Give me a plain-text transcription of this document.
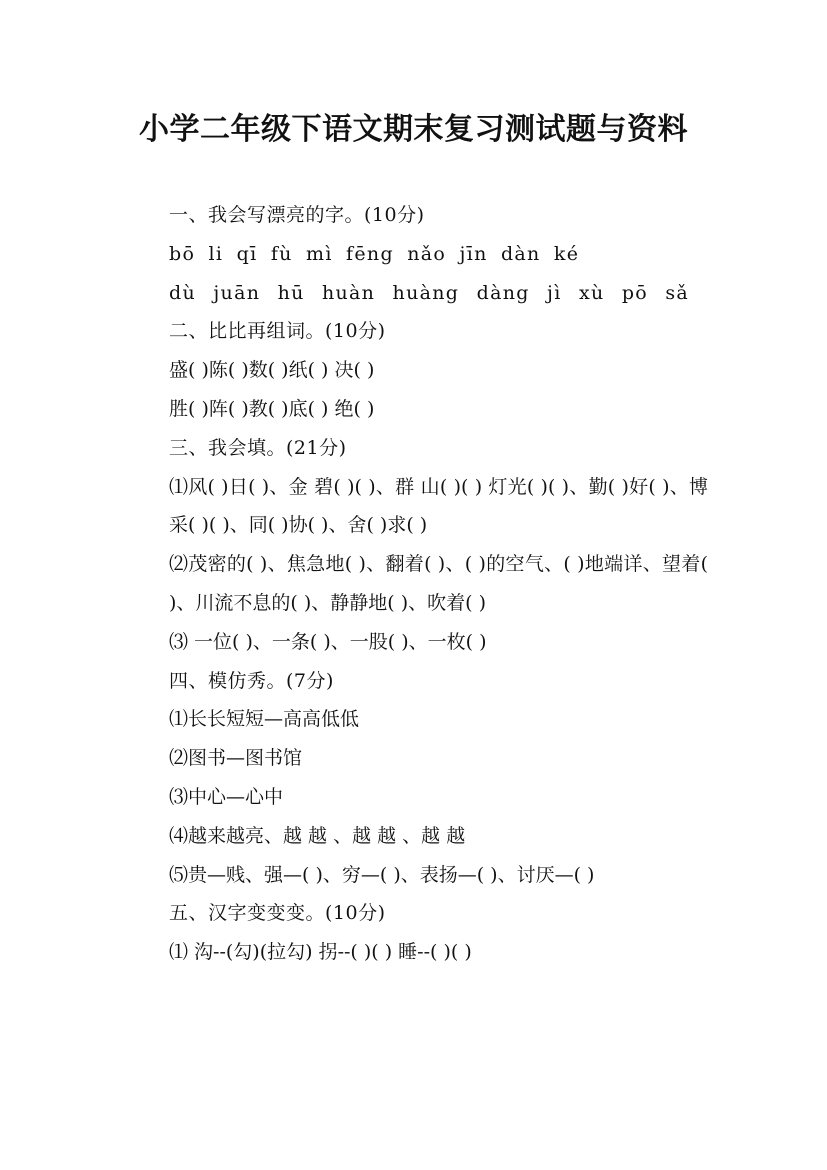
小学二年级下语文期末复习测试题与资料

一、我会写漂亮的字。(10分)

bō li qī fù mì fēng nǎo jīn dàn ké

dù juān hū huàn huàng dàng jì xù pō sǎ

二、比比再组词。(10分)

盛( )陈( )数( )纸( ) 决( )

胜( )阵( )教( )底( ) 绝( )

三、我会填。(21分)

⑴风( )日( )、金 碧( )( )、群 山( )( ) 灯光( )( )、勤( )好( )、博采( )( )、同( )协( )、舍( )求( )

⑵茂密的( )、焦急地( )、翻着( )、( )的空气、( )地端详、望着( )、川流不息的( )、静静地( )、吹着( )

⑶ 一位( )、一条( )、一股( )、一枚( )

四、模仿秀。(7分)

⑴长长短短—高高低低

⑵图书—图书馆

⑶中心—心中

⑷越来越亮、越 越 、越 越 、越 越

⑸贵—贱、强—( )、穷—( )、表扬—( )、讨厌—( )

五、汉字变变变。(10分)

⑴ 沟--(勾)(拉勾) 拐--( )( ) 睡--( )( )
